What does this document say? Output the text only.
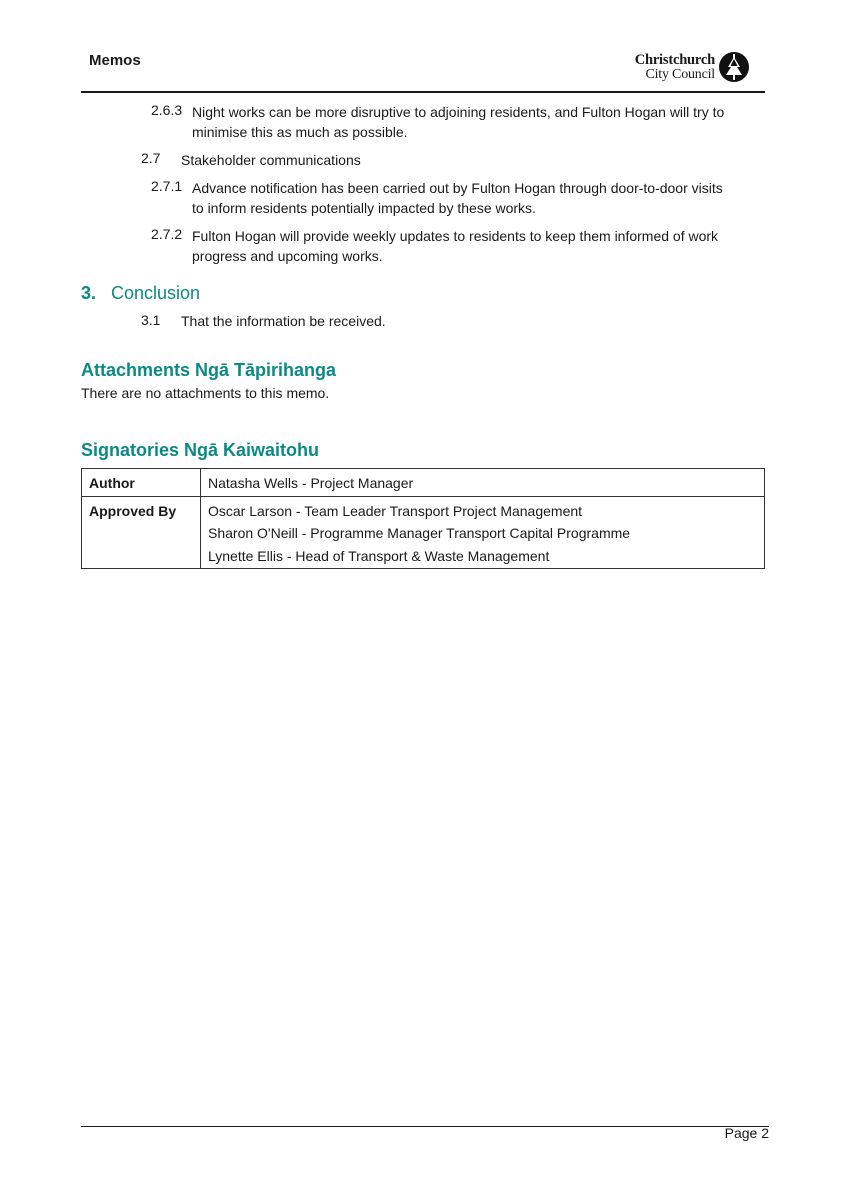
Memos	Christchurch
City Council
2.6.3 Night works can be more disruptive to adjoining residents, and Fulton Hogan will try to
minimise this as much as possible.
2.7 Stakeholder communications
2.7.1 Advance notification has been carried out by Fulton Hogan through door-to-door visits
to inform residents potentially impacted by these works.
2.7.2 Fulton Hogan will provide weekly updates to residents to keep them informed of work
progress and upcoming works.
3. Conclusion
3.1 That the information be received.
Attachments Ngā Tāpirihanga
There are no attachments to this memo.
Signatories Ngā Kaiwaitohu
Author	Natasha Wells - Project Manager
Approved By	Oscar Larson - Team Leader Transport Project Management
Sharon O'Neill - Programme Manager Transport Capital Programme
Lynette Ellis - Head of Transport & Waste Management
Page 2
